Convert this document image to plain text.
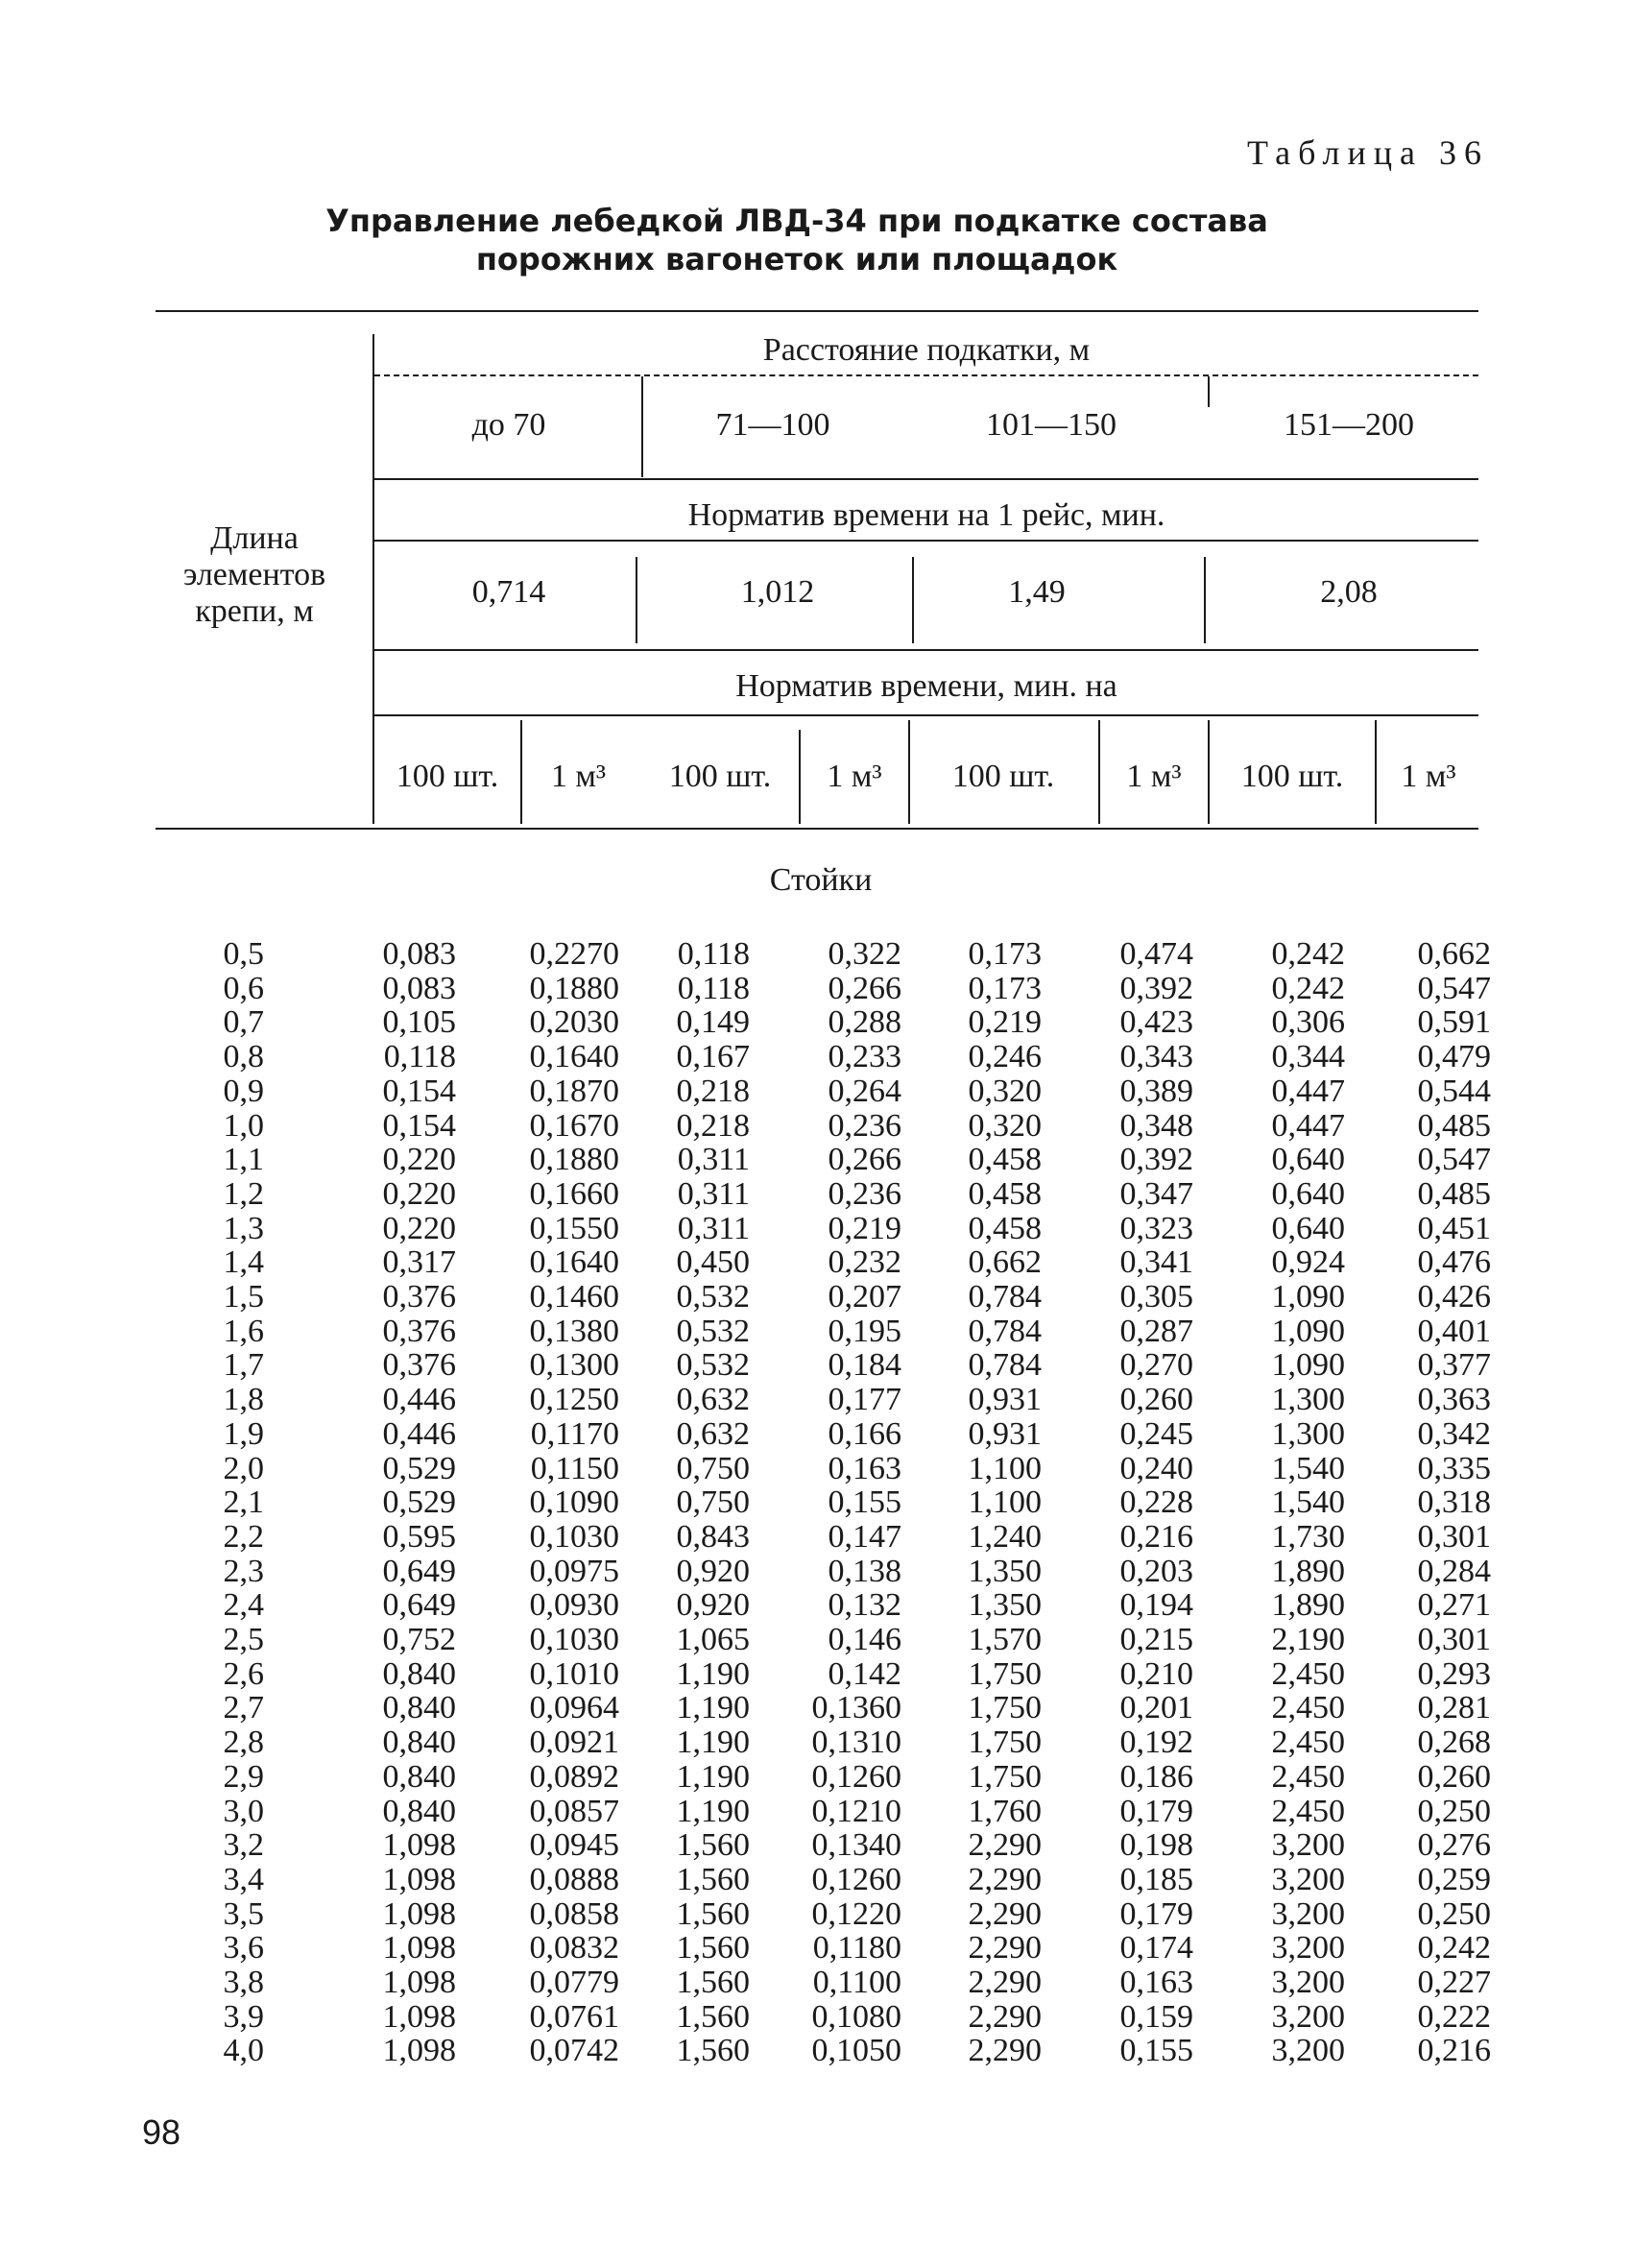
Таблица 36
Управление лебедкой ЛВД-34 при подкатке состава
порожних вагонеток или площадок
Длина
элементов
крепи, м
Расстояние подкатки, м
до 70	71—100	101—150	151—200
Норматив времени на 1 рейс, мин.
0,714	1,012	1,49	2,08
Норматив времени, мин. на
100 шт.	1 м³	100 шт.	1 м³	100 шт.	1 м³	100 шт.	1 м³
Стойки
0,5	0,083 0,2270 0,118 0,322 0,173 0,474 0,242 0,662
0,6	0,083 0,1880 0,118 0,266 0,173 0,392 0,242 0,547
0,7	0,105 0,2030 0,149 0,288 0,219 0,423 0,306 0,591
0,8	0,118 0,1640 0,167 0,233 0,246 0,343 0,344 0,479
0,9	0,154 0,1870 0,218 0,264 0,320 0,389 0,447 0,544
1,0	0,154 0,1670 0,218 0,236 0,320 0,348 0,447 0,485
1,1	0,220 0,1880 0,311 0,266 0,458 0,392 0,640 0,547
1,2	0,220 0,1660 0,311 0,236 0,458 0,347 0,640 0,485
1,3	0,220 0,1550 0,311 0,219 0,458 0,323 0,640 0,451
1,4	0,317 0,1640 0,450 0,232 0,662 0,341 0,924 0,476
1,5	0,376 0,1460 0,532 0,207 0,784 0,305 1,090 0,426
1,6	0,376 0,1380 0,532 0,195 0,784 0,287 1,090 0,401
1,7	0,376 0,1300 0,532 0,184 0,784 0,270 1,090 0,377
1,8	0,446 0,1250 0,632 0,177 0,931 0,260 1,300 0,363
1,9	0,446 0,1170 0,632 0,166 0,931 0,245 1,300 0,342
2,0	0,529 0,1150 0,750 0,163 1,100 0,240 1,540 0,335
2,1	0,529 0,1090 0,750 0,155 1,100 0,228 1,540 0,318
2,2	0,595 0,1030 0,843 0,147 1,240 0,216 1,730 0,301
2,3	0,649 0,0975 0,920 0,138 1,350 0,203 1,890 0,284
2,4	0,649 0,0930 0,920 0,132 1,350 0,194 1,890 0,271
2,5	0,752 0,1030 1,065 0,146 1,570 0,215 2,190 0,301
2,6	0,840 0,1010 1,190 0,142 1,750 0,210 2,450 0,293
2,7	0,840 0,0964 1,190 0,1360 1,750 0,201 2,450 0,281
2,8	0,840 0,0921 1,190 0,1310 1,750 0,192 2,450 0,268
2,9	0,840 0,0892 1,190 0,1260 1,750 0,186 2,450 0,260
3,0	0,840 0,0857 1,190 0,1210 1,760 0,179 2,450 0,250
3,2	1,098 0,0945 1,560 0,1340 2,290 0,198 3,200 0,276
3,4	1,098 0,0888 1,560 0,1260 2,290 0,185 3,200 0,259
3,5	1,098 0,0858 1,560 0,1220 2,290 0,179 3,200 0,250
3,6	1,098 0,0832 1,560 0,1180 2,290 0,174 3,200 0,242
3,8	1,098 0,0779 1,560 0,1100 2,290 0,163 3,200 0,227
3,9	1,098 0,0761 1,560 0,1080 2,290 0,159 3,200 0,222
4,0	1,098 0,0742 1,560 0,1050 2,290 0,155 3,200 0,216
98
